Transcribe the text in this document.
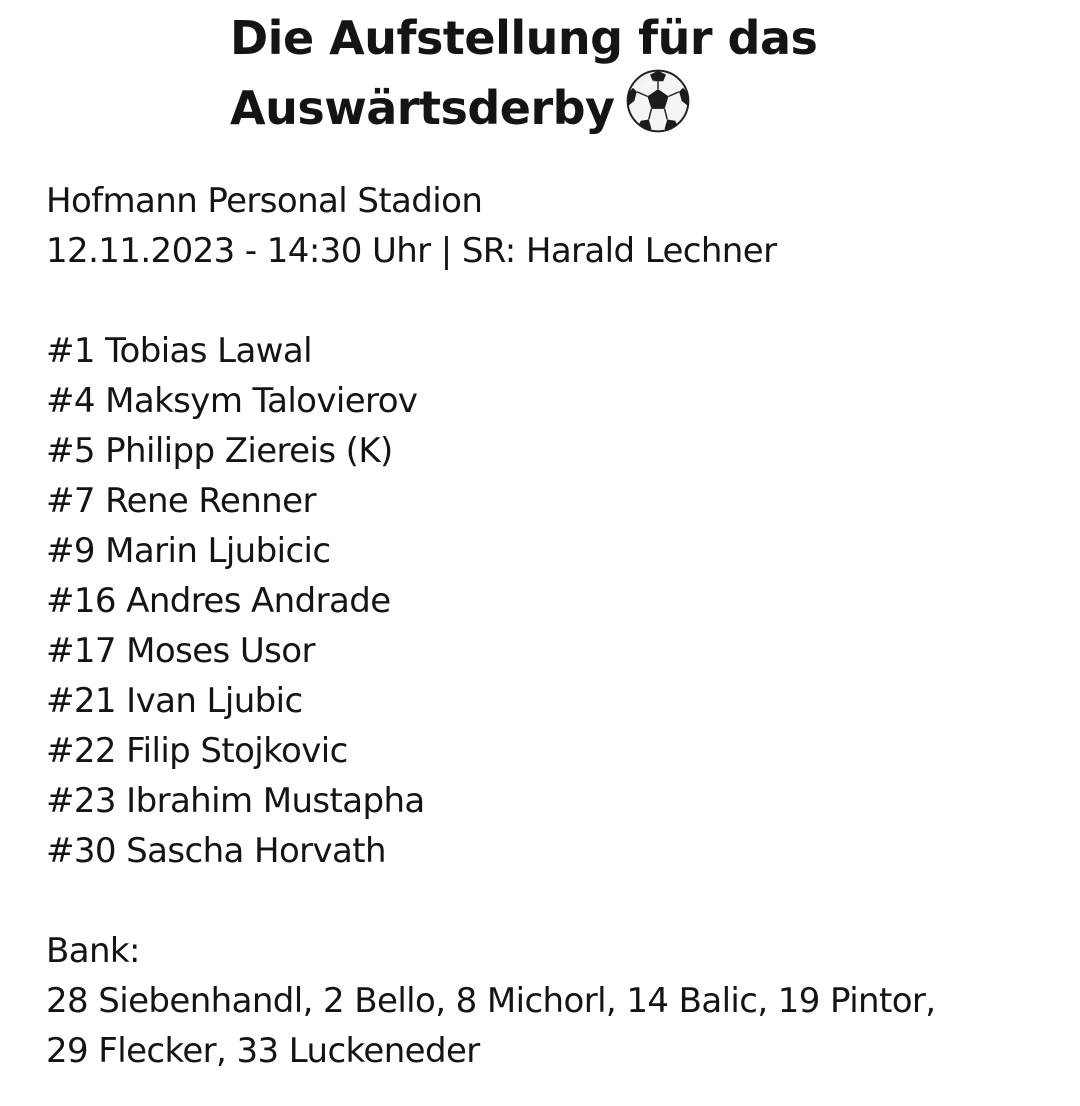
Die Aufstellung für das
Auswärtsderby
Hofmann Personal Stadion
12.11.2023 - 14:30 Uhr | SR: Harald Lechner
#1 Tobias Lawal
#4 Maksym Talovierov
#5 Philipp Ziereis (K)
#7 Rene Renner
#9 Marin Ljubicic
#16 Andres Andrade
#17 Moses Usor
#21 Ivan Ljubic
#22 Filip Stojkovic
#23 Ibrahim Mustapha
#30 Sascha Horvath
Bank:
28 Siebenhandl, 2 Bello, 8 Michorl, 14 Balic, 19 Pintor,
29 Flecker, 33 Luckeneder
